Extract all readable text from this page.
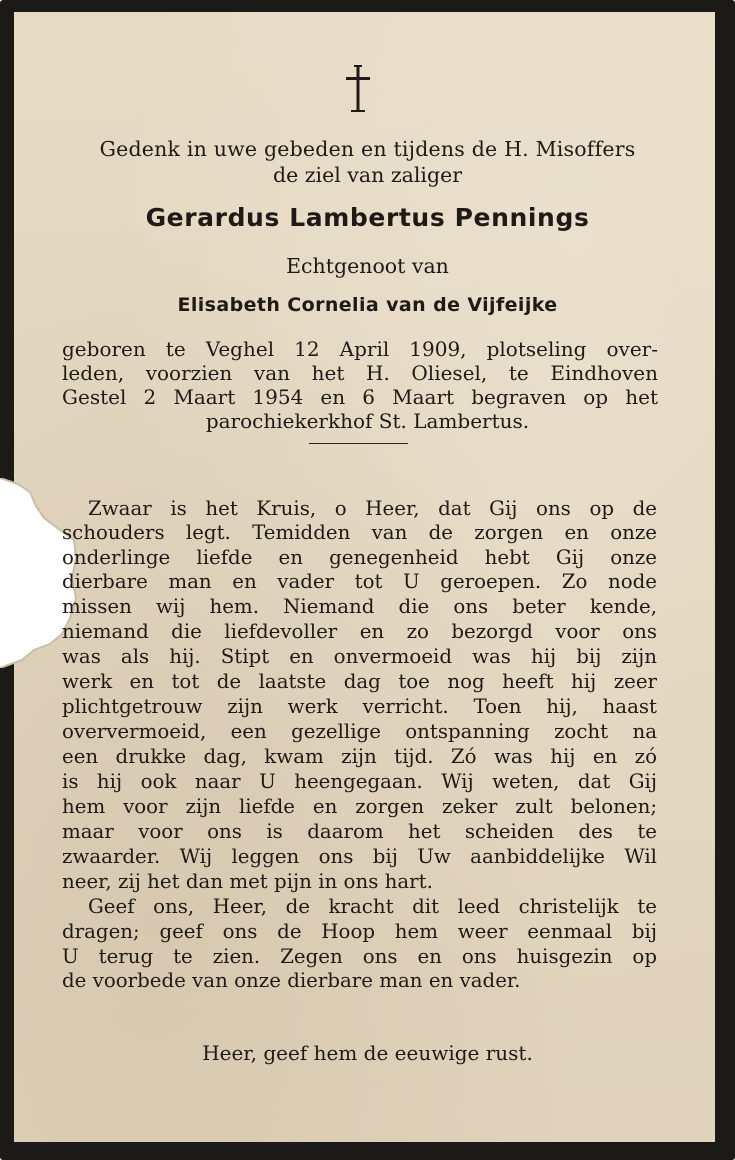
Gedenk in uwe gebeden en tijdens de H. Misoffers
de ziel van zaliger
Gerardus Lambertus Pennings
Echtgenoot van
Elisabeth Cornelia van de Vijfeijke
geboren te Veghel 12 April 1909, plotseling over-
leden, voorzien van het H. Oliesel, te Eindhoven
Gestel 2 Maart 1954 en 6 Maart begraven op het
parochiekerkhof St. Lambertus.
Zwaar is het Kruis, o Heer, dat Gij ons op de
schouders legt. Temidden van de zorgen en onze
onderlinge liefde en genegenheid hebt Gij onze
dierbare man en vader tot U geroepen. Zo node
missen wij hem. Niemand die ons beter kende,
niemand die liefdevoller en zo bezorgd voor ons
was als hij. Stipt en onvermoeid was hij bij zijn
werk en tot de laatste dag toe nog heeft hij zeer
plichtgetrouw zijn werk verricht. Toen hij, haast
oververmoeid, een gezellige ontspanning zocht na
een drukke dag, kwam zijn tijd. Zó was hij en zó
is hij ook naar U heengegaan. Wij weten, dat Gij
hem voor zijn liefde en zorgen zeker zult belonen;
maar voor ons is daarom het scheiden des te
zwaarder. Wij leggen ons bij Uw aanbiddelijke Wil
neer, zij het dan met pijn in ons hart.
Geef ons, Heer, de kracht dit leed christelijk te
dragen; geef ons de Hoop hem weer eenmaal bij
U terug te zien. Zegen ons en ons huisgezin op
de voorbede van onze dierbare man en vader.
Heer, geef hem de eeuwige rust.
